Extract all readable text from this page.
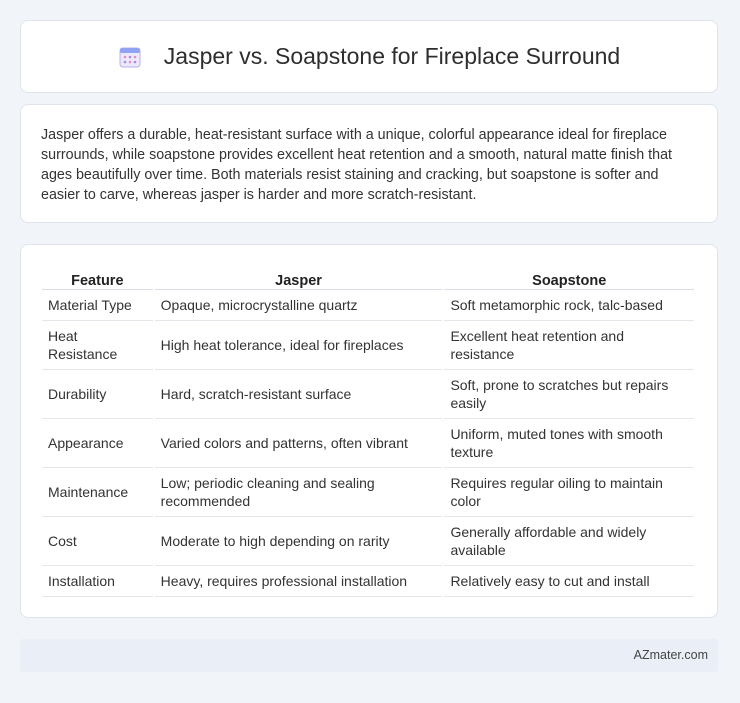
Jasper vs. Soapstone for Fireplace Surround

Jasper offers a durable, heat-resistant surface with a unique, colorful appearance ideal for fireplace surrounds, while soapstone provides excellent heat retention and a smooth, natural matte finish that ages beautifully over time. Both materials resist staining and cracking, but soapstone is softer and easier to carve, whereas jasper is harder and more scratch-resistant.

Feature	Jasper	Soapstone
Material Type	Opaque, microcrystalline quartz	Soft metamorphic rock, talc-based
Heat Resistance	High heat tolerance, ideal for fireplaces	Excellent heat retention and resistance
Durability	Hard, scratch-resistant surface	Soft, prone to scratches but repairs easily
Appearance	Varied colors and patterns, often vibrant	Uniform, muted tones with smooth texture
Maintenance	Low; periodic cleaning and sealing recommended	Requires regular oiling to maintain color
Cost	Moderate to high depending on rarity	Generally affordable and widely available
Installation	Heavy, requires professional installation	Relatively easy to cut and install
AZmater.com
